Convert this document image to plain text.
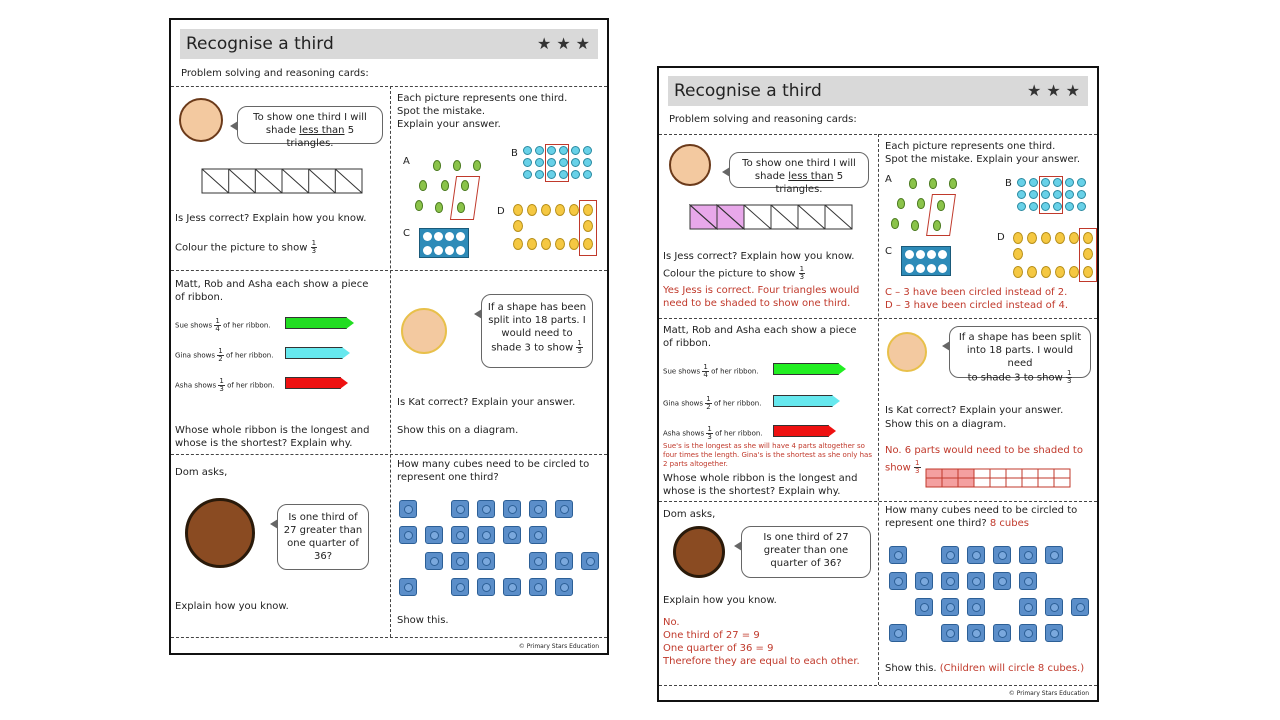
Recognise a third	★ ★ ★
Problem solving and reasoning cards:
To show one third I will
shade less than 5 triangles.
Is Jess correct? Explain how you know.
Colour the picture to show $\frac{1}{3}$
Each picture represents one third.
Spot the mistake.
Explain your answer.
A
B
C
D
Matt, Rob and Asha each show a piece of ribbon.
Sue shows $\frac{1}{4}$ of her ribbon.
Gina shows $\frac{1}{2}$ of her ribbon.
Asha shows $\frac{1}{3}$ of her ribbon.
Whose whole ribbon is the longest and whose is the shortest? Explain why.
If a shape has been
split into 18 parts. I
would need to
shade 3 to show $\frac{1}{3}$
Is Kat correct? Explain your answer.
Show this on a diagram.
Dom asks,
Is one third of
27 greater than
one quarter of
36?
Explain how you know.
How many cubes need to be circled to represent one third?
Show this.
© Primary Stars Education
Recognise a third	★ ★ ★
Problem solving and reasoning cards:
To show one third I will
shade less than 5 triangles.
Is Jess correct? Explain how you know.
Colour the picture to show $\frac{1}{3}$
Yes Jess is correct. Four triangles would need to be shaded to show one third.
Each picture represents one third.
Spot the mistake. Explain your answer.
A	B
C
D
C – 3 have been circled instead of 2.
D – 3 have been circled instead of 4.
Matt, Rob and Asha each show a piece of ribbon.
Sue shows $\frac{1}{4}$ of her ribbon.
Gina shows $\frac{1}{2}$ of her ribbon.
Asha shows $\frac{1}{3}$ of her ribbon.
Sue's is the longest as she will have 4 parts altogether so four times the length. Gina's is the shortest as she only has 2 parts altogether.
Whose whole ribbon is the longest and whose is the shortest? Explain why.
If a shape has been split
into 18 parts. I would need
to shade 3 to show $\frac{1}{3}$
Is Kat correct? Explain your answer.
Show this on a diagram.
No. 6 parts would need to be shaded to
show $\frac{1}{3}$
Dom asks,
Is one third of 27
greater than one
quarter of 36?
Explain how you know.
No.
One third of 27 = 9
One quarter of 36 = 9
Therefore they are equal to each other.
How many cubes need to be circled to represent one third? 8 cubes
Show this. (Children will circle 8 cubes.)
© Primary Stars Education
